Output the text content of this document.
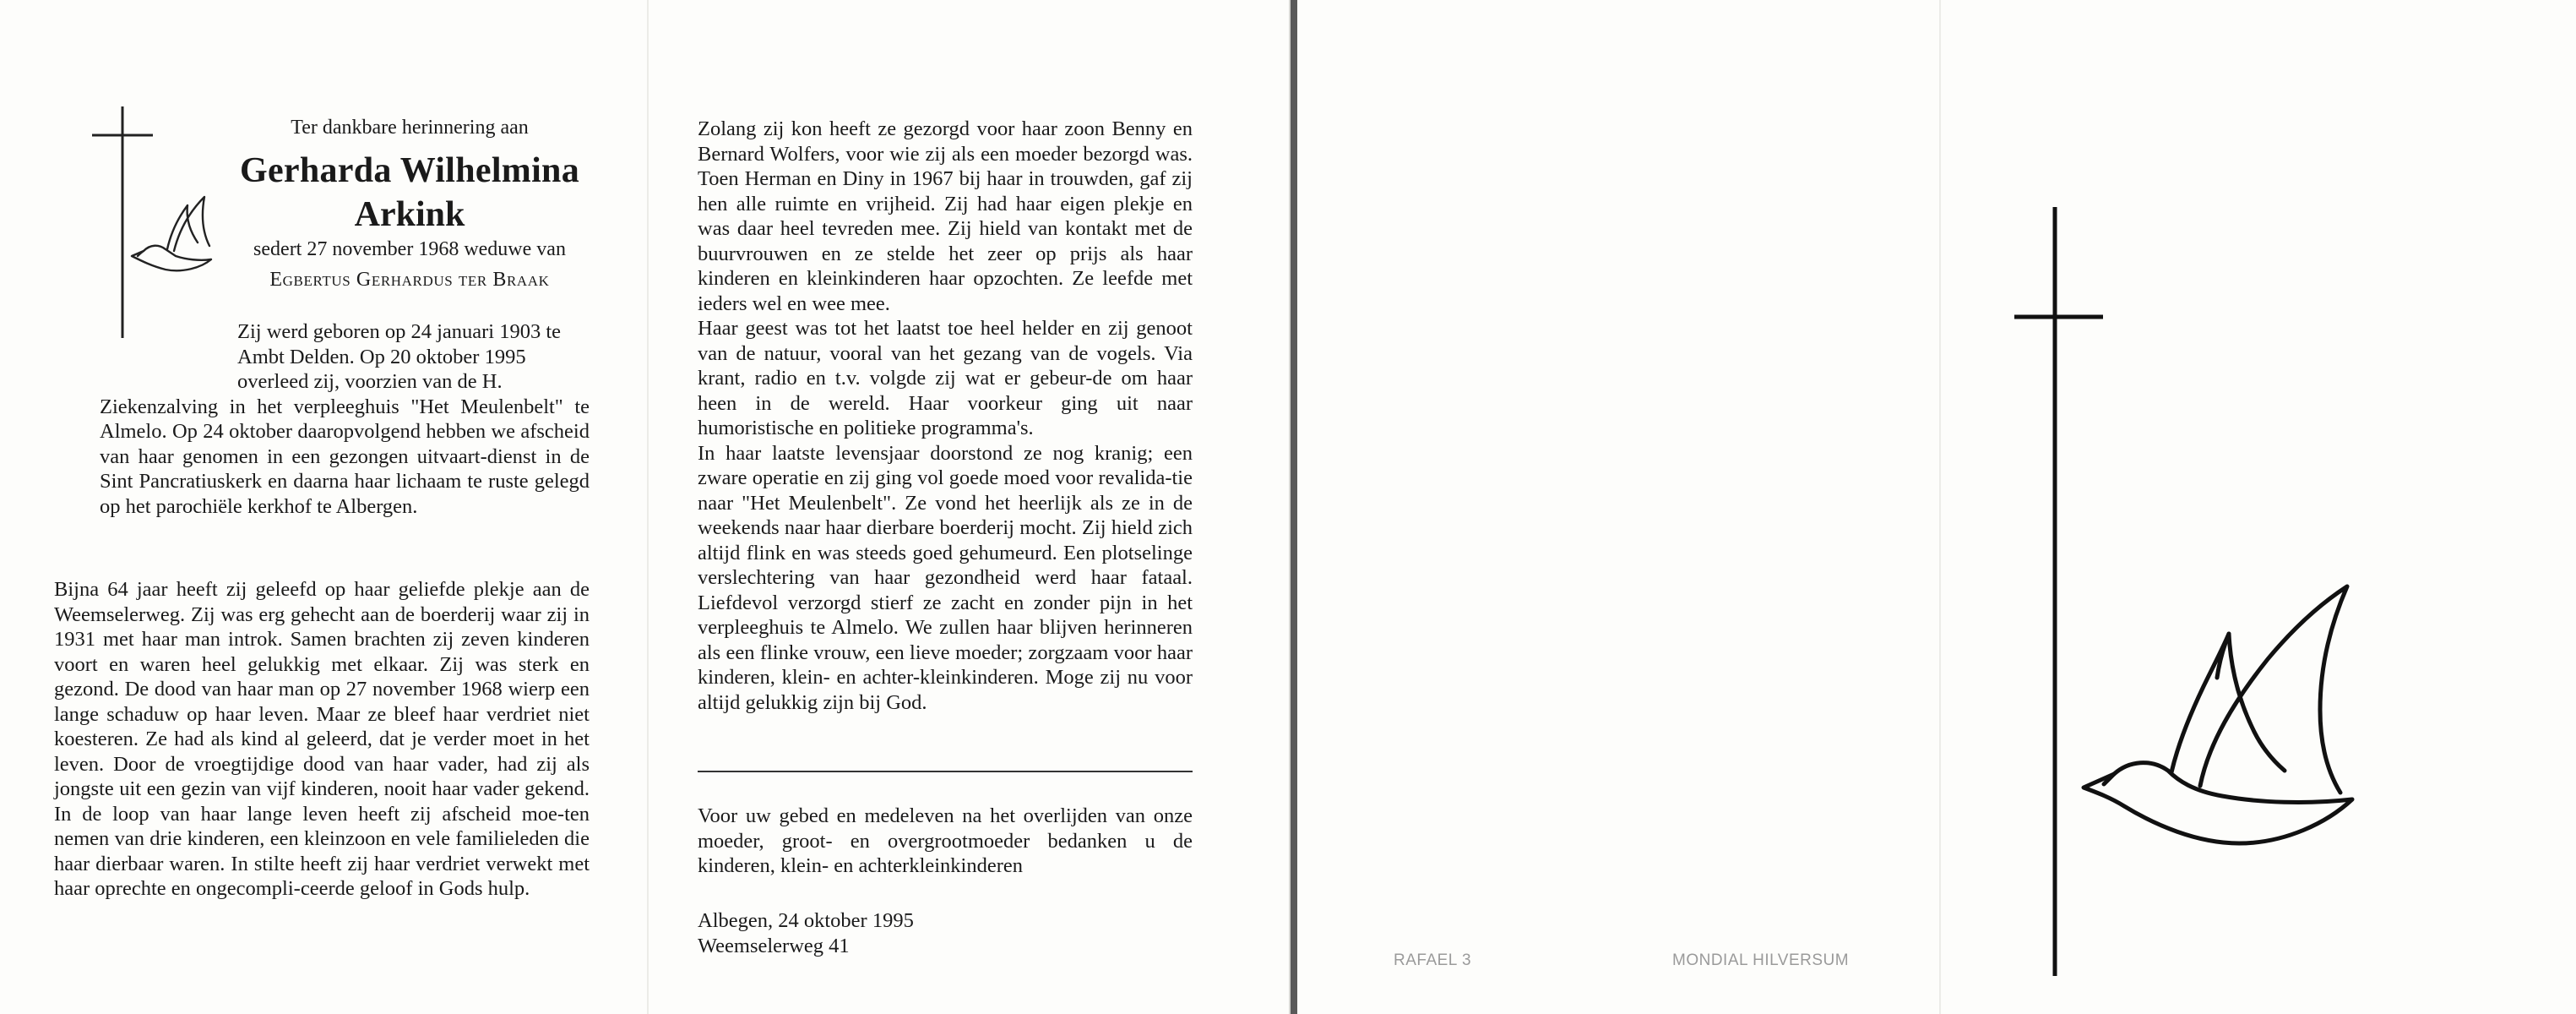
Ter dankbare herinnering aan

Gerharda Wilhelmina

Arkink

sedert 27 november 1968 weduwe van

Egbertus Gerhardus ter Braak

Zij werd geboren op 24 januari 1903 te
Ambt Delden. Op 20 oktober 1995
overleed zij, voorzien van de H.

Ziekenzalving in het verpleeghuis "Het Meulenbelt" te Almelo. Op 24 oktober daaropvolgend hebben we afscheid van haar genomen in een gezongen uitvaart-dienst in de Sint Pancratiuskerk en daarna haar lichaam te ruste gelegd op het parochiële kerkhof te Albergen.

Bijna 64 jaar heeft zij geleefd op haar geliefde plekje aan de Weemselerweg. Zij was erg gehecht aan de boerderij waar zij in 1931 met haar man introk. Samen brachten zij zeven kinderen voort en waren heel gelukkig met elkaar. Zij was sterk en gezond. De dood van haar man op 27 november 1968 wierp een lange schaduw op haar leven. Maar ze bleef haar verdriet niet koesteren. Ze had als kind al geleerd, dat je verder moet in het leven. Door de vroegtijdige dood van haar vader, had zij als jongste uit een gezin van vijf kinderen, nooit haar vader gekend. In de loop van haar lange leven heeft zij afscheid moe-ten nemen van drie kinderen, een kleinzoon en vele familieleden die haar dierbaar waren. In stilte heeft zij haar verdriet verwekt met haar oprechte en ongecompli-ceerde geloof in Gods hulp.

Zolang zij kon heeft ze gezorgd voor haar zoon Benny en Bernard Wolfers, voor wie zij als een moeder bezorgd was. Toen Herman en Diny in 1967 bij haar in trouwden, gaf zij hen alle ruimte en vrijheid. Zij had haar eigen plekje en was daar heel tevreden mee. Zij hield van kontakt met de buurvrouwen en ze stelde het zeer op prijs als haar kinderen en kleinkinderen haar opzochten. Ze leefde met ieders wel en wee mee.
Haar geest was tot het laatst toe heel helder en zij genoot van de natuur, vooral van het gezang van de vogels. Via krant, radio en t.v. volgde zij wat er gebeur-de om haar heen in de wereld. Haar voorkeur ging uit naar humoristische en politieke programma's.
In haar laatste levensjaar doorstond ze nog kranig; een zware operatie en zij ging vol goede moed voor revalida-tie naar "Het Meulenbelt". Ze vond het heerlijk als ze in de weekends naar haar dierbare boerderij mocht. Zij hield zich altijd flink en was steeds goed gehumeurd. Een plotselinge verslechtering van haar gezondheid werd haar fataal. Liefdevol verzorgd stierf ze zacht en zonder pijn in het verpleeghuis te Almelo. We zullen haar blijven herinneren als een flinke vrouw, een lieve moeder; zorgzaam voor haar kinderen, klein- en achter-kleinkinderen. Moge zij nu voor altijd gelukkig zijn bij God.

Voor uw gebed en medeleven na het overlijden van onze moeder, groot- en overgrootmoeder bedanken u de kinderen, klein- en achterkleinkinderen

Albegen, 24 oktober 1995
Weemselerweg 41
RAFAEL 3	MONDIAL HILVERSUM
